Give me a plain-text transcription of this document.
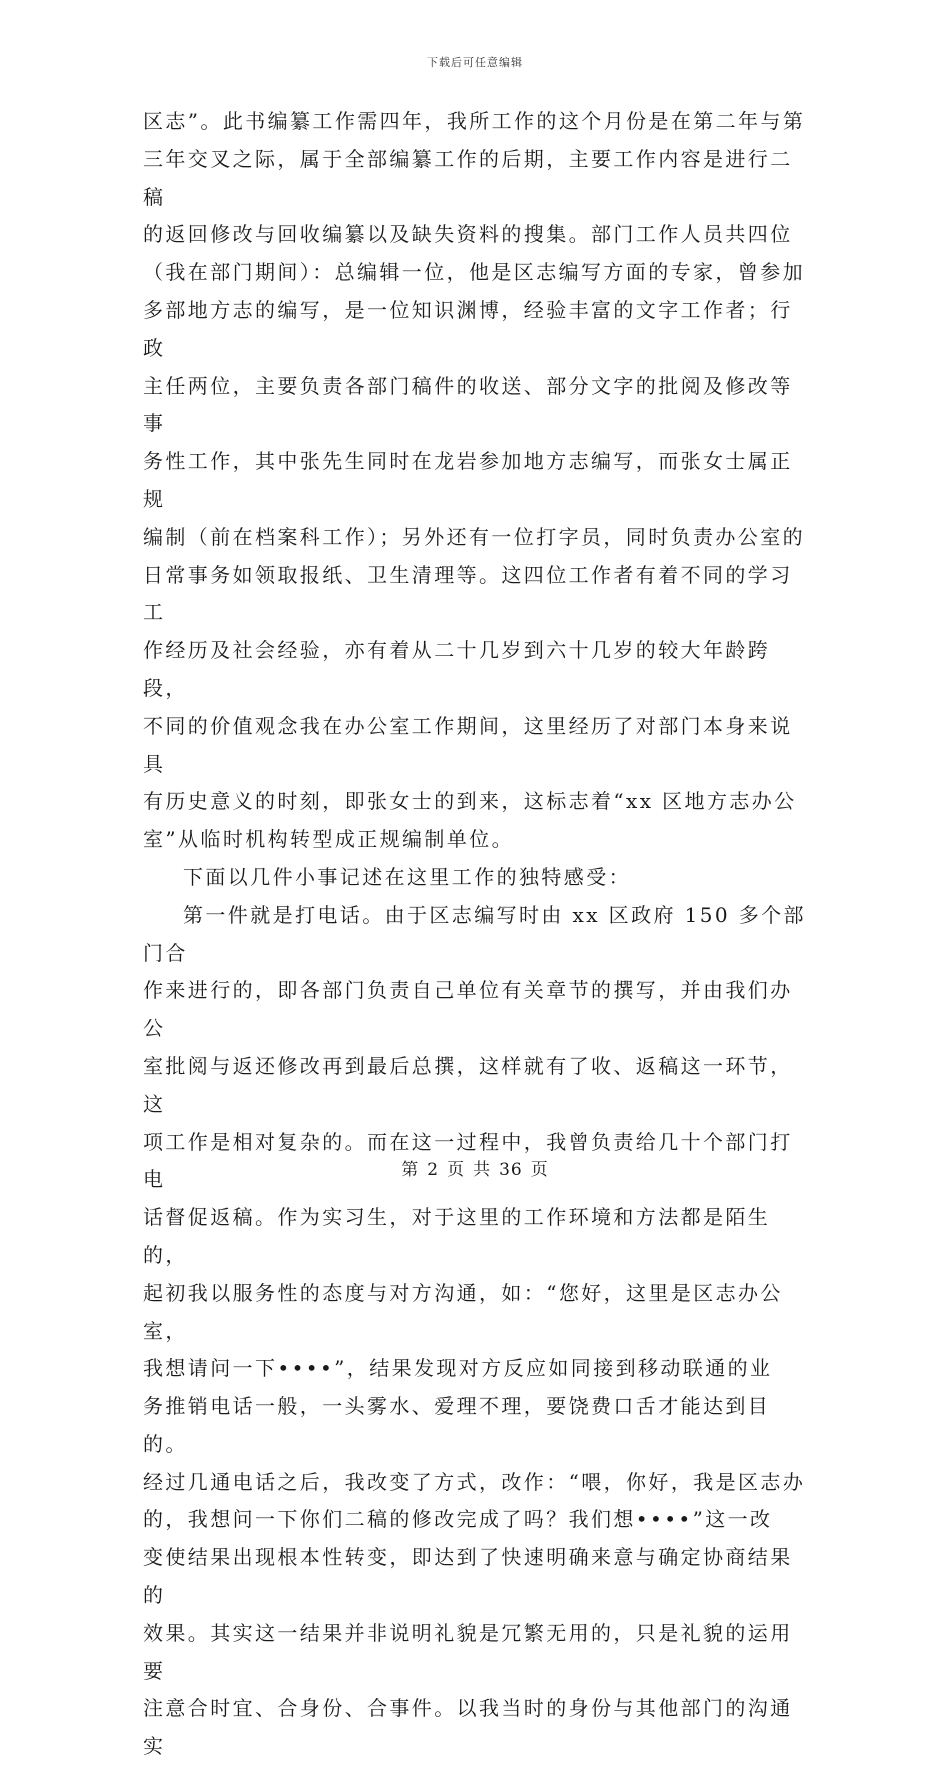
下载后可任意编辑
区志”。此书编纂工作需四年，我所工作的这个月份是在第二年与第
三年交叉之际，属于全部编纂工作的后期，主要工作内容是进行二稿
的返回修改与回收编纂以及缺失资料的搜集。部门工作人员共四位
（我在部门期间）：总编辑一位，他是区志编写方面的专家，曾参加
多部地方志的编写，是一位知识渊博，经验丰富的文字工作者；行政
主任两位，主要负责各部门稿件的收送、部分文字的批阅及修改等事
务性工作，其中张先生同时在龙岩参加地方志编写，而张女士属正规
编制（前在档案科工作）；另外还有一位打字员，同时负责办公室的
日常事务如领取报纸、卫生清理等。这四位工作者有着不同的学习工
作经历及社会经验，亦有着从二十几岁到六十几岁的较大年龄跨段，
不同的价值观念我在办公室工作期间，这里经历了对部门本身来说具
有历史意义的时刻，即张女士的到来，这标志着“xx 区地方志办公
室”从临时机构转型成正规编制单位。
下面以几件小事记述在这里工作的独特感受：
第一件就是打电话。由于区志编写时由 xx 区政府 150 多个部门合
作来进行的，即各部门负责自己单位有关章节的撰写，并由我们办公
室批阅与返还修改再到最后总撰，这样就有了收、返稿这一环节，这
项工作是相对复杂的。而在这一过程中，我曾负责给几十个部门打电
话督促返稿。作为实习生，对于这里的工作环境和方法都是陌生的，
起初我以服务性的态度与对方沟通，如：“您好，这里是区志办公室，
我想请问一下••••”，结果发现对方反应如同接到移动联通的业
务推销电话一般，一头雾水、爱理不理，要饶费口舌才能达到目的。
经过几通电话之后，我改变了方式，改作：“喂，你好，我是区志办
的，我想问一下你们二稿的修改完成了吗？我们想••••”这一改
变使结果出现根本性转变，即达到了快速明确来意与确定协商结果的
效果。其实这一结果并非说明礼貌是冗繁无用的，只是礼貌的运用要
注意合时宜、合身份、合事件。以我当时的身份与其他部门的沟通实
第 2 页 共 36 页
